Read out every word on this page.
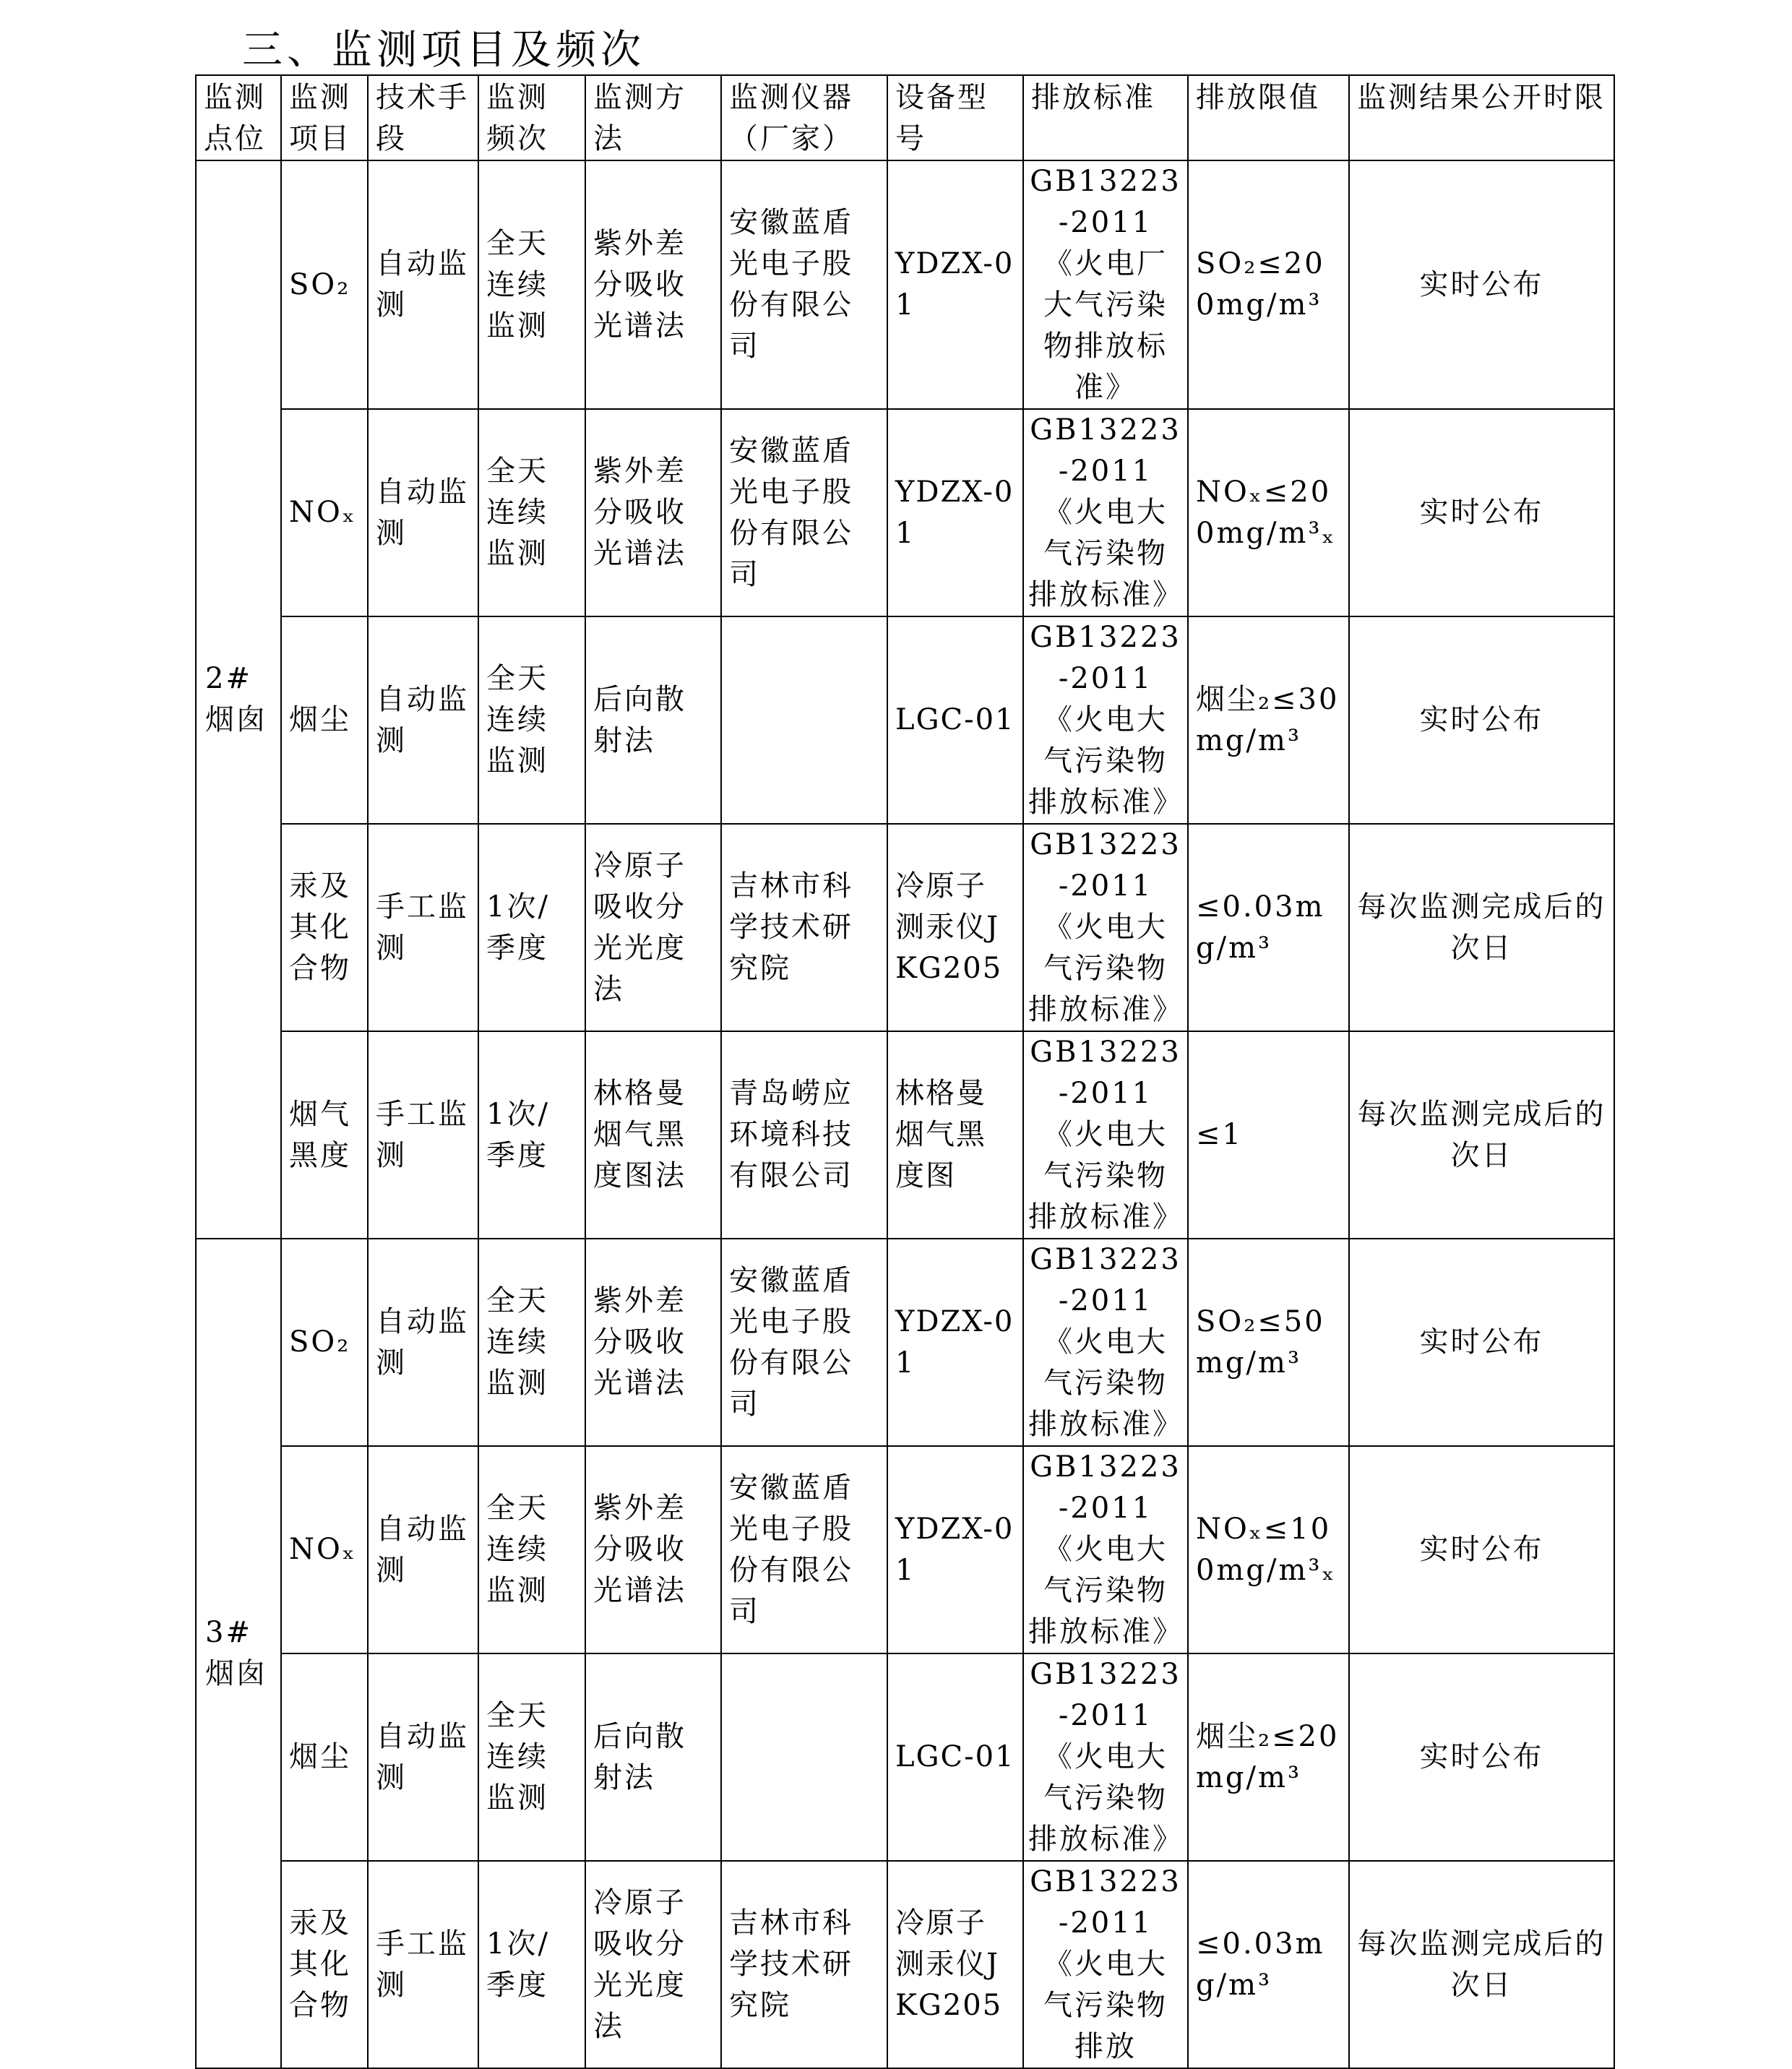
三、监测项目及频次
监测点位	监测项目	技术手段	监测频次	监测方法	监测仪器（厂家）	设备型号	排放标准	排放限值	监测结果公开时限
2#烟囱	SO₂	自动监测	全天连续监测	紫外差分吸收光谱法	安徽蓝盾光电子股份有限公司	YDZX-01	GB13223-2011《火电厂大气污染物排放标准》	SO₂≤200mg/m³	实时公布
	NOₓ	自动监测	全天连续监测	紫外差分吸收光谱法	安徽蓝盾光电子股份有限公司	YDZX-01	GB13223-2011《火电大气污染物排放标准》	NOₓ≤200mg/m³ₓ	实时公布
	烟尘	自动监测	全天连续监测	后向散射法		LGC-01	GB13223-2011《火电大气污染物排放标准》	烟尘₂≤30mg/m³	实时公布
	汞及其化合物	手工监测	1次/季度	冷原子吸收分光光度法	吉林市科学技术研究院	冷原子测汞仪JKG205	GB13223-2011《火电大气污染物排放标准》	≤0.03mg/m³	每次监测完成后的次日
	烟气黑度	手工监测	1次/季度	林格曼烟气黑度图法	青岛崂应环境科技有限公司	林格曼烟气黑度图	GB13223-2011《火电大气污染物排放标准》	≤1	每次监测完成后的次日
3#烟囱	SO₂	自动监测	全天连续监测	紫外差分吸收光谱法	安徽蓝盾光电子股份有限公司	YDZX-01	GB13223-2011《火电大气污染物排放标准》	SO₂≤50mg/m³	实时公布
	NOₓ	自动监测	全天连续监测	紫外差分吸收光谱法	安徽蓝盾光电子股份有限公司	YDZX-01	GB13223-2011《火电大气污染物排放标准》	NOₓ≤100mg/m³ₓ	实时公布
	烟尘	自动监测	全天连续监测	后向散射法		LGC-01	GB13223-2011《火电大气污染物排放标准》	烟尘₂≤20mg/m³	实时公布
	汞及其化合物	手工监测	1次/季度	冷原子吸收分光光度法	吉林市科学技术研究院	冷原子测汞仪JKG205	GB13223-2011《火电大气污染物排放	≤0.03mg/m³	每次监测完成后的次日
